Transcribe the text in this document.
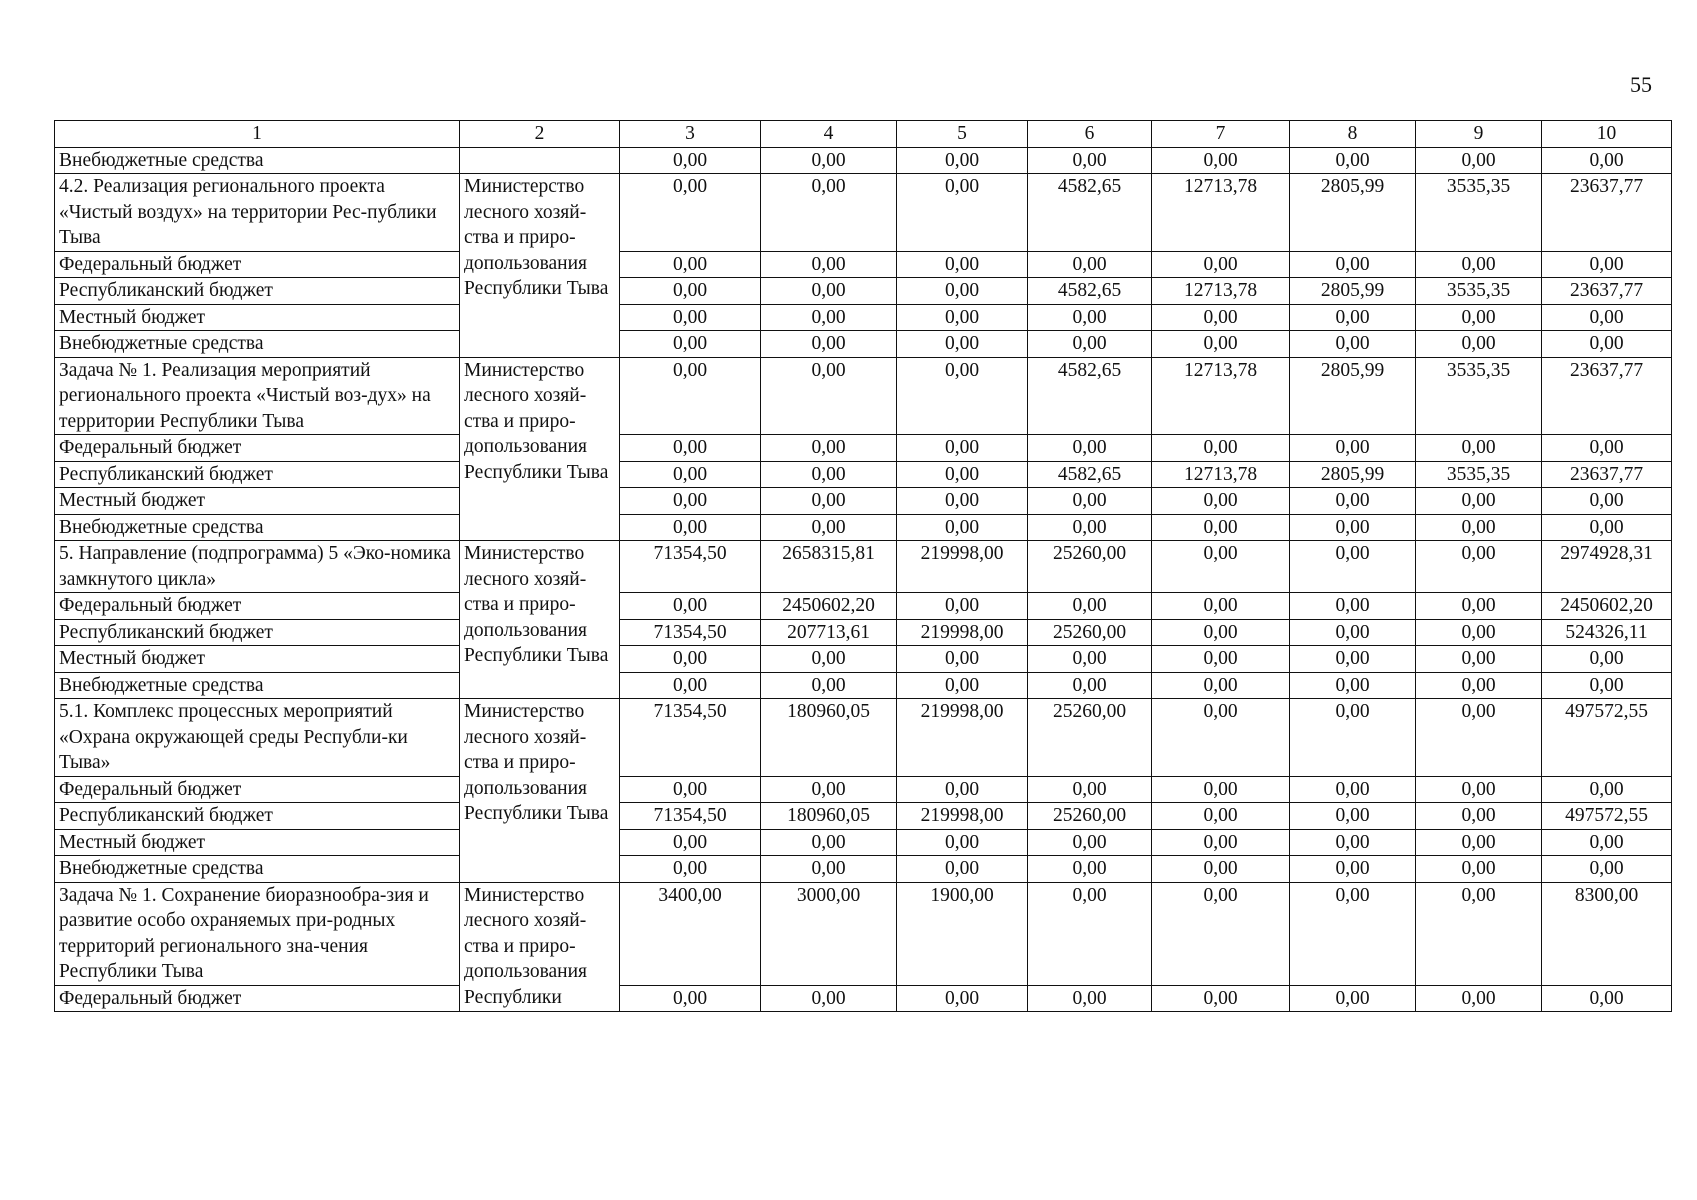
55
1	2	3	4	5	6	7	8	9	10
Внебюджетные средства		0,00	0,00	0,00	0,00	0,00	0,00	0,00	0,00
4.2. Реализация регионального проекта «Чистый воздух» на территории Рес-публики Тыва	Министерство лесного хозяй-ства и приро-допользования Республики Тыва	0,00	0,00	0,00	4582,65	12713,78	2805,99	3535,35	23637,77
Федеральный бюджет		0,00	0,00	0,00	0,00	0,00	0,00	0,00	0,00
Республиканский бюджет		0,00	0,00	0,00	4582,65	12713,78	2805,99	3535,35	23637,77
Местный бюджет		0,00	0,00	0,00	0,00	0,00	0,00	0,00	0,00
Внебюджетные средства		0,00	0,00	0,00	0,00	0,00	0,00	0,00	0,00
Задача № 1. Реализация мероприятий регионального проекта «Чистый воз-дух» на территории Республики Тыва	Министерство лесного хозяй-ства и приро-допользования Республики Тыва	0,00	0,00	0,00	4582,65	12713,78	2805,99	3535,35	23637,77
Федеральный бюджет		0,00	0,00	0,00	0,00	0,00	0,00	0,00	0,00
Республиканский бюджет		0,00	0,00	0,00	4582,65	12713,78	2805,99	3535,35	23637,77
Местный бюджет		0,00	0,00	0,00	0,00	0,00	0,00	0,00	0,00
Внебюджетные средства		0,00	0,00	0,00	0,00	0,00	0,00	0,00	0,00
5. Направление (подпрограмма) 5 «Эко-номика замкнутого цикла»	Министерство лесного хозяй-ства и приро-допользования Республики Тыва	71354,50	2658315,81	219998,00	25260,00	0,00	0,00	0,00	2974928,31
Федеральный бюджет		0,00	2450602,20	0,00	0,00	0,00	0,00	0,00	2450602,20
Республиканский бюджет		71354,50	207713,61	219998,00	25260,00	0,00	0,00	0,00	524326,11
Местный бюджет		0,00	0,00	0,00	0,00	0,00	0,00	0,00	0,00
Внебюджетные средства		0,00	0,00	0,00	0,00	0,00	0,00	0,00	0,00
5.1. Комплекс процессных мероприятий «Охрана окружающей среды Республи-ки Тыва»	Министерство лесного хозяй-ства и приро-допользования Республики Тыва	71354,50	180960,05	219998,00	25260,00	0,00	0,00	0,00	497572,55
Федеральный бюджет		0,00	0,00	0,00	0,00	0,00	0,00	0,00	0,00
Республиканский бюджет		71354,50	180960,05	219998,00	25260,00	0,00	0,00	0,00	497572,55
Местный бюджет		0,00	0,00	0,00	0,00	0,00	0,00	0,00	0,00
Внебюджетные средства		0,00	0,00	0,00	0,00	0,00	0,00	0,00	0,00
Задача № 1. Сохранение биоразнообра-зия и развитие особо охраняемых при-родных территорий регионального зна-чения Республики Тыва	Министерство лесного хозяй-ства и приро-допользования Республики	3400,00	3000,00	1900,00	0,00	0,00	0,00	0,00	8300,00
Федеральный бюджет		0,00	0,00	0,00	0,00	0,00	0,00	0,00	0,00
